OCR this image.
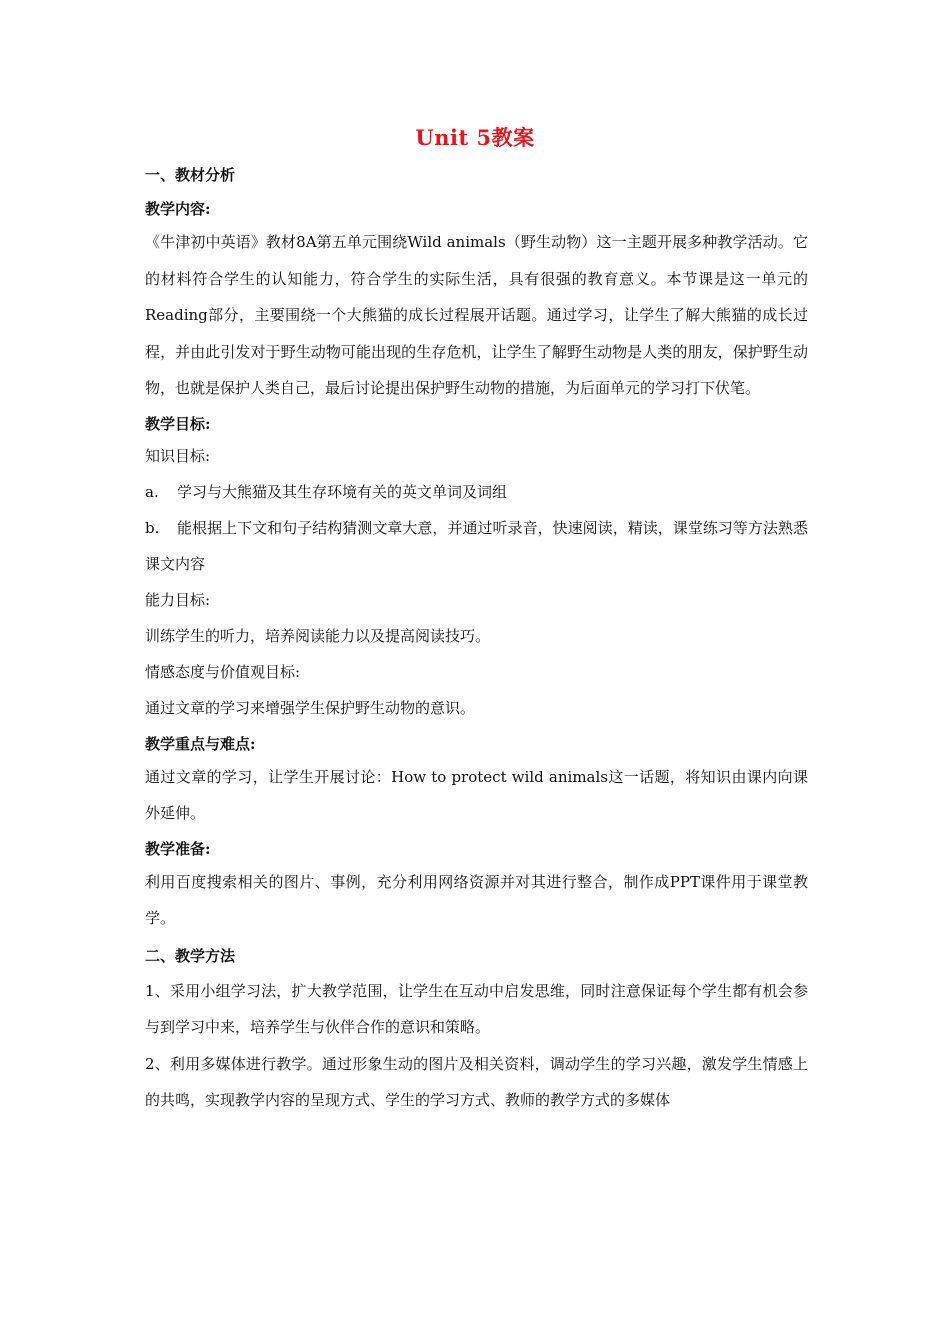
Unit 5教案
一、教材分析
教学内容:

《牛津初中英语》教材8A第五单元围绕Wild animals（野生动物）这一主题开展多种教学活动。它的材料符合学生的认知能力，符合学生的实际生活，具有很强的教育意义。本节课是这一单元的Reading部分，主要围绕一个大熊猫的成长过程展开话题。通过学习，让学生了解大熊猫的成长过程，并由此引发对于野生动物可能出现的生存危机，让学生了解野生动物是人类的朋友，保护野生动物，也就是保护人类自己，最后讨论提出保护野生动物的措施，为后面单元的学习打下伏笔。

教学目标:
知识目标:
a.	学习与大熊猫及其生存环境有关的英文单词及词组

b. 能根据上下文和句子结构猜测文章大意，并通过听录音，快速阅读，精读，课堂练习等方法熟悉课文内容

能力目标:
训练学生的听力，培养阅读能力以及提高阅读技巧。
情感态度与价值观目标:
通过文章的学习来增强学生保护野生动物的意识。
教学重点与难点:

通过文章的学习，让学生开展讨论：How to protect wild animals这一话题，将知识由课内向课外延伸。

教学准备:

利用百度搜索相关的图片、事例，充分利用网络资源并对其进行整合，制作成PPT课件用于课堂教学。

二、教学方法

1、采用小组学习法，扩大教学范围，让学生在互动中启发思维，同时注意保证每个学生都有机会参与到学习中来，培养学生与伙伴合作的意识和策略。

2、利用多媒体进行教学。通过形象生动的图片及相关资料，调动学生的学习兴趣，激发学生情感上的共鸣，实现教学内容的呈现方式、学生的学习方式、教师的教学方式的多媒体
